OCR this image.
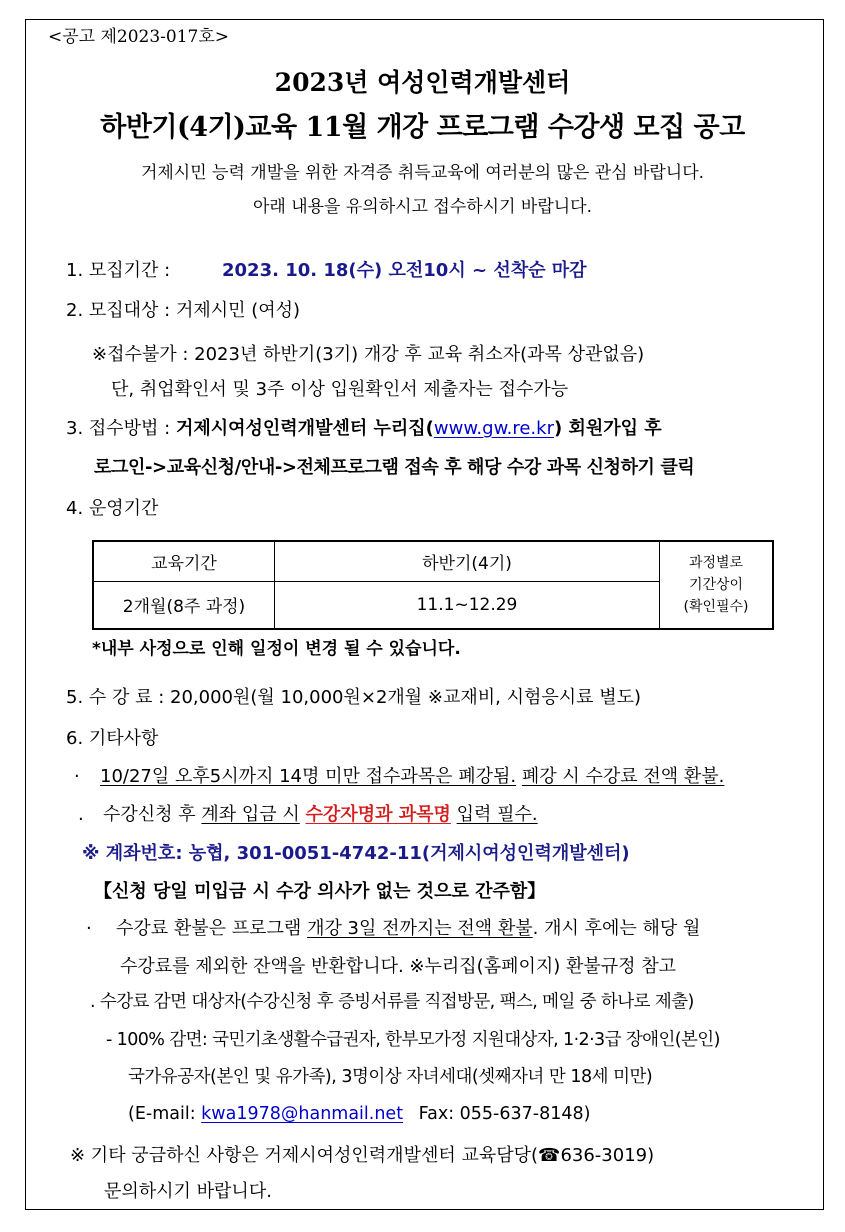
<공고 제2023-017호>
2023년 여성인력개발센터
하반기(4기)교육 11월 개강 프로그램 수강생 모집 공고
거제시민 능력 개발을 위한 자격증 취득교육에 여러분의 많은 관심 바랍니다.
아래 내용을 유의하시고 접수하시기 바랍니다.
1. 모집기간 :	2023. 10. 18(수) 오전10시 ~ 선착순 마감
2. 모집대상 : 거제시민 (여성)
※접수불가 : 2023년 하반기(3기) 개강 후 교육 취소자(과목 상관없음)
단, 취업확인서 및 3주 이상 입원확인서 제출자는 접수가능
3. 접수방법 : 거제시여성인력개발센터 누리집(www.gw.re.kr) 회원가입 후
로그인->교육신청/안내->전체프로그램 접속 후 해당 수강 과목 신청하기 클릭
4. 운영기간
교육기간	하반기(4기)	과정별로
기간상이
(확인필수)
2개월(8주 과정)	11.1~12.29	
*내부 사정으로 인해 일정이 변경 될 수 있습니다.
5. 수 강 료 : 20,000원(월 10,000원×2개월 ※교재비, 시험응시료 별도)
6. 기타사항
· 10/27일 오후5시까지 14명 미만 접수과목은 폐강됨. 폐강 시 수강료 전액 환불.
. 수강신청 후 계좌 입금 시 수강자명과 과목명 입력 필수.
※ 계좌번호: 농협, 301-0051-4742-11(거제시여성인력개발센터)
【신청 당일 미입금 시 수강 의사가 없는 것으로 간주함】
· 수강료 환불은 프로그램 개강 3일 전까지는 전액 환불. 개시 후에는 해당 월
수강료를 제외한 잔액을 반환합니다. ※누리집(홈페이지) 환불규정 참고
. 수강료 감면 대상자(수강신청 후 증빙서류를 직접방문, 팩스, 메일 중 하나로 제출)
- 100% 감면: 국민기초생활수급권자, 한부모가정 지원대상자, 1·2·3급 장애인(본인)
국가유공자(본인 및 유가족), 3명이상 자녀세대(셋째자녀 만 18세 미만)
(E-mail: kwa1978@hanmail.net Fax: 055-637-8148)
※ 기타 궁금하신 사항은 거제시여성인력개발센터 교육담당(☎636-3019)
문의하시기 바랍니다.
